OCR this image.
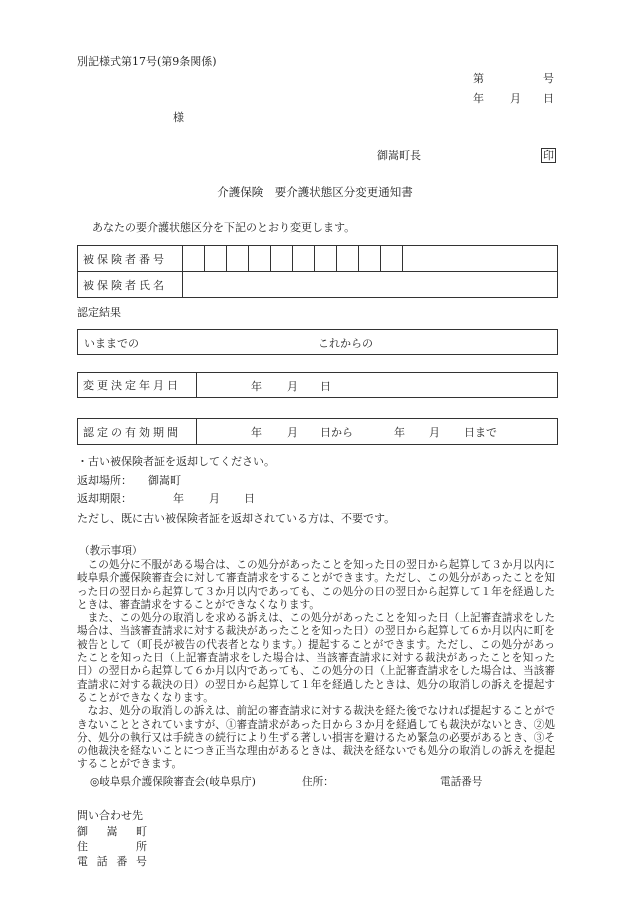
別記様式第17号(第9条関係)
第	号
年 月 日
様
御嵩町長	印
介護保険　要介護状態区分変更通知書
あなたの要介護状態区分を下記のとおり変更します。
被保険者番号
被保険者氏名
認定結果
いままでの	これからの
変更決定年月日	年 月 日
認定の有効期間	年 月 日から	年 月 日まで
・古い被保険者証を返却してください。
返却場所： 御嵩町
返却期限：	年 月 日
ただし、既に古い被保険者証を返却されている方は、不要です。
（教示事項）

この処分に不服がある場合は、この処分があったことを知った日の翌日から起算して３か月以内に岐阜県介護保険審査会に対して審査請求をすることができます。ただし、この処分があったことを知った日の翌日から起算して３か月以内であっても、この処分の日の翌日から起算して１年を経過したときは、審査請求をすることができなくなります。

また、この処分の取消しを求める訴えは、この処分があったことを知った日（上記審査請求をした場合は、当該審査請求に対する裁決があったことを知った日）の翌日から起算して６か月以内に町を被告として（町長が被告の代表者となります。）提起することができます。ただし、この処分があったことを知った日（上記審査請求をした場合は、当該審査請求に対する裁決があったことを知った日）の翌日から起算して６か月以内であっても、この処分の日（上記審査請求をした場合は、当該審査請求に対する裁決の日）の翌日から起算して１年を経過したときは、処分の取消しの訴えを提起することができなくなります。

なお、処分の取消しの訴えは、前記の審査請求に対する裁決を経た後でなければ提起することができないこととされていますが、①審査請求があった日から３か月を経過しても裁決がないとき、②処分、処分の執行又は手続きの続行により生ずる著しい損害を避けるため緊急の必要があるとき、③その他裁決を経ないことにつき正当な理由があるときは、裁決を経ないでも処分の取消しの訴えを提起することができます。

◎岐阜県介護保険審査会(岐阜県庁)	住所：	電話番号
問い合わせ先
御嵩町
住所
電話番号
